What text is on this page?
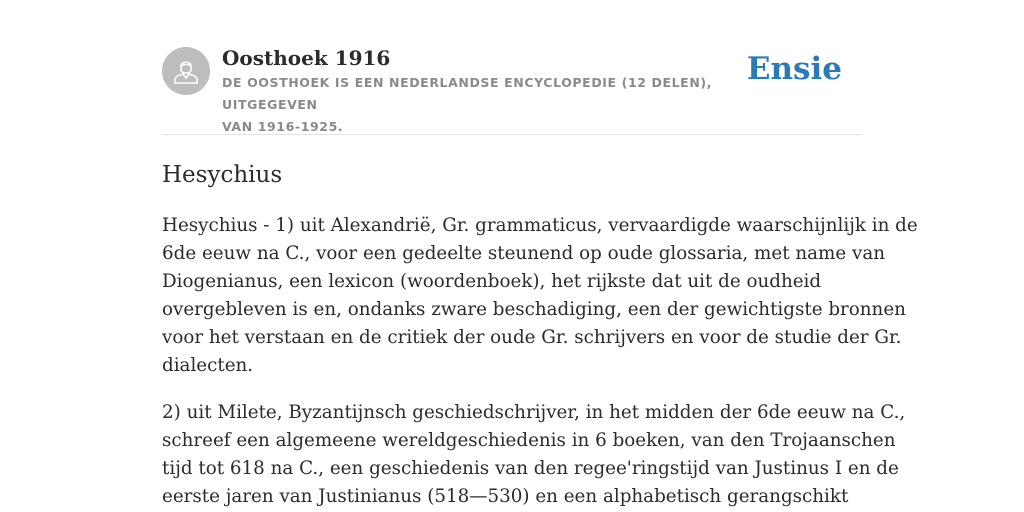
Oosthoek 1916

DE OOSTHOEK IS EEN NEDERLANDSE ENCYCLOPEDIE (12 DELEN), UITGEGEVEN
VAN 1916-1925.

Ensie
Hesychius

Hesychius - 1) uit Alexandrië, Gr. grammaticus, vervaardigde waarschijnlijk in de
6de eeuw na C., voor een gedeelte steunend op oude glossaria, met name van
Diogenianus, een lexicon (woordenboek), het rijkste dat uit de oudheid
overgebleven is en, ondanks zware beschadiging, een der gewichtigste bronnen
voor het verstaan en de critiek der oude Gr. schrijvers en voor de studie der Gr.
dialecten.

2) uit Milete, Byzantijnsch geschiedschrijver, in het midden der 6de eeuw na C.,
schreef een algemeene wereldgeschiedenis in 6 boeken, van den Trojaanschen
tijd tot 618 na C., een geschiedenis van den regee'ringstijd van Justinus I en de
eerste jaren van Justinianus (518—530) en een alphabetisch gerangschikt
